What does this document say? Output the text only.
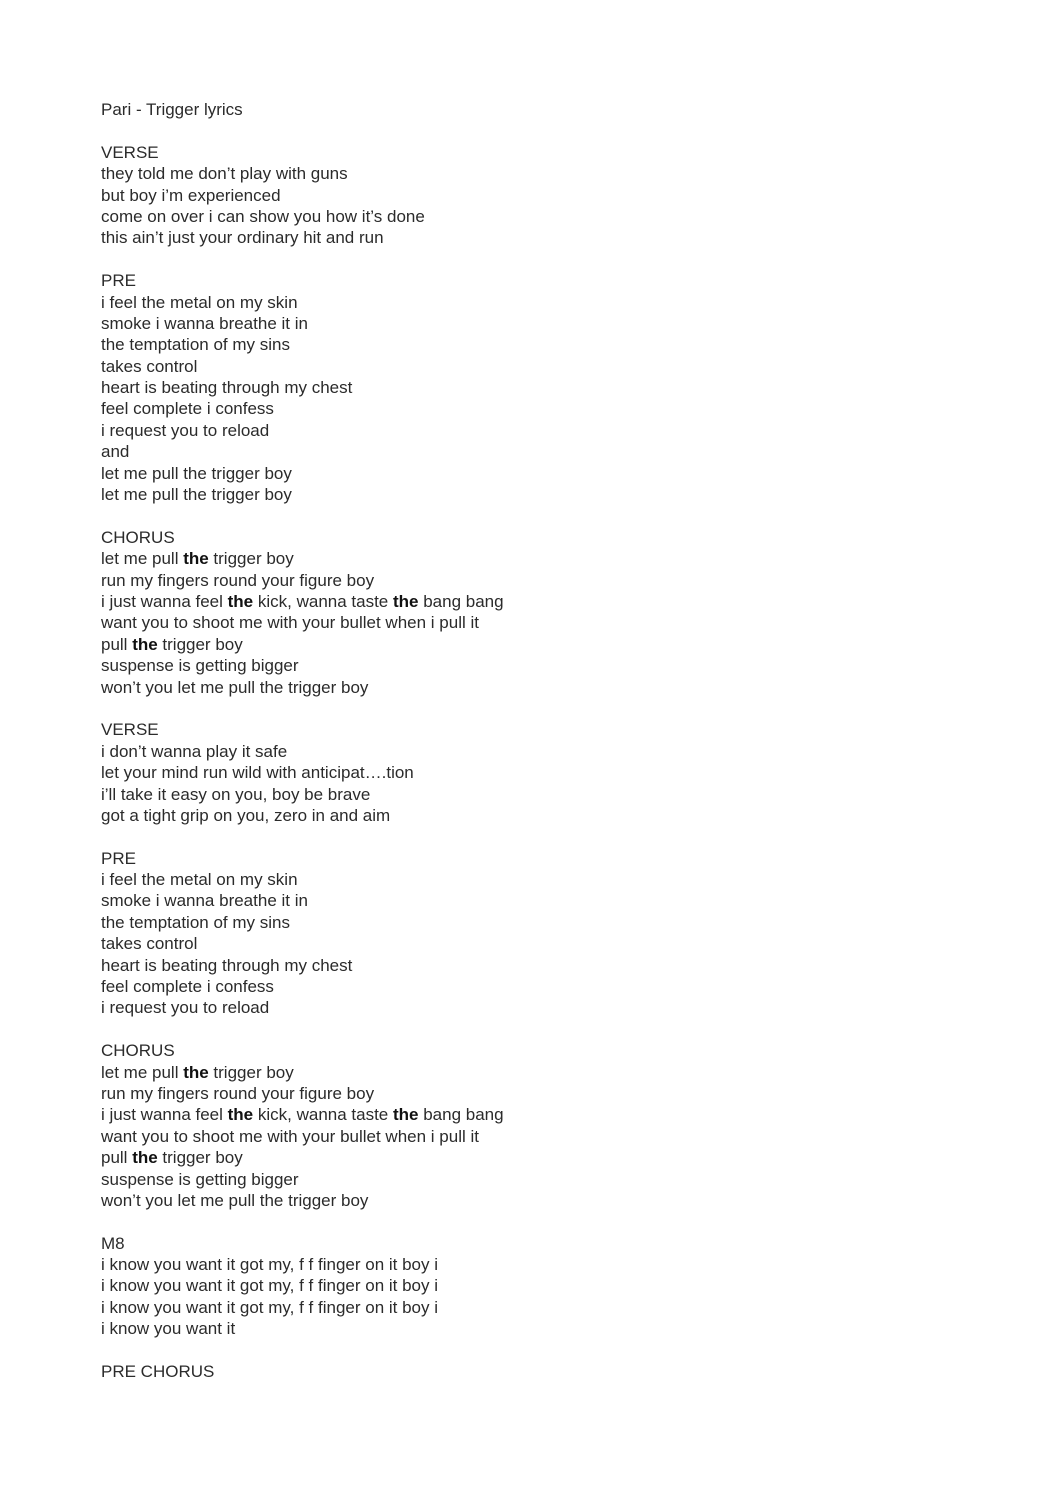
Pari - Trigger lyrics
VERSE
they told me don’t play with guns
but boy i’m experienced
come on over i can show you how it’s done
this ain’t just your ordinary hit and run
PRE
i feel the metal on my skin
smoke i wanna breathe it in
the temptation of my sins
takes control
heart is beating through my chest
feel complete i confess
i request you to reload
and
let me pull the trigger boy
let me pull the trigger boy
CHORUS
let me pull the trigger boy
run my fingers round your figure boy
i just wanna feel the kick, wanna taste the bang bang
want you to shoot me with your bullet when i pull it
pull the trigger boy
suspense is getting bigger
won’t you let me pull the trigger boy
VERSE
i don’t wanna play it safe
let your mind run wild with anticipat….tion
i’ll take it easy on you, boy be brave
got a tight grip on you, zero in and aim
PRE
i feel the metal on my skin
smoke i wanna breathe it in
the temptation of my sins
takes control
heart is beating through my chest
feel complete i confess
i request you to reload
CHORUS
let me pull the trigger boy
run my fingers round your figure boy
i just wanna feel the kick, wanna taste the bang bang
want you to shoot me with your bullet when i pull it
pull the trigger boy
suspense is getting bigger
won’t you let me pull the trigger boy
M8
i know you want it got my, f f finger on it boy i
i know you want it got my, f f finger on it boy i
i know you want it got my, f f finger on it boy i
i know you want it
PRE CHORUS
